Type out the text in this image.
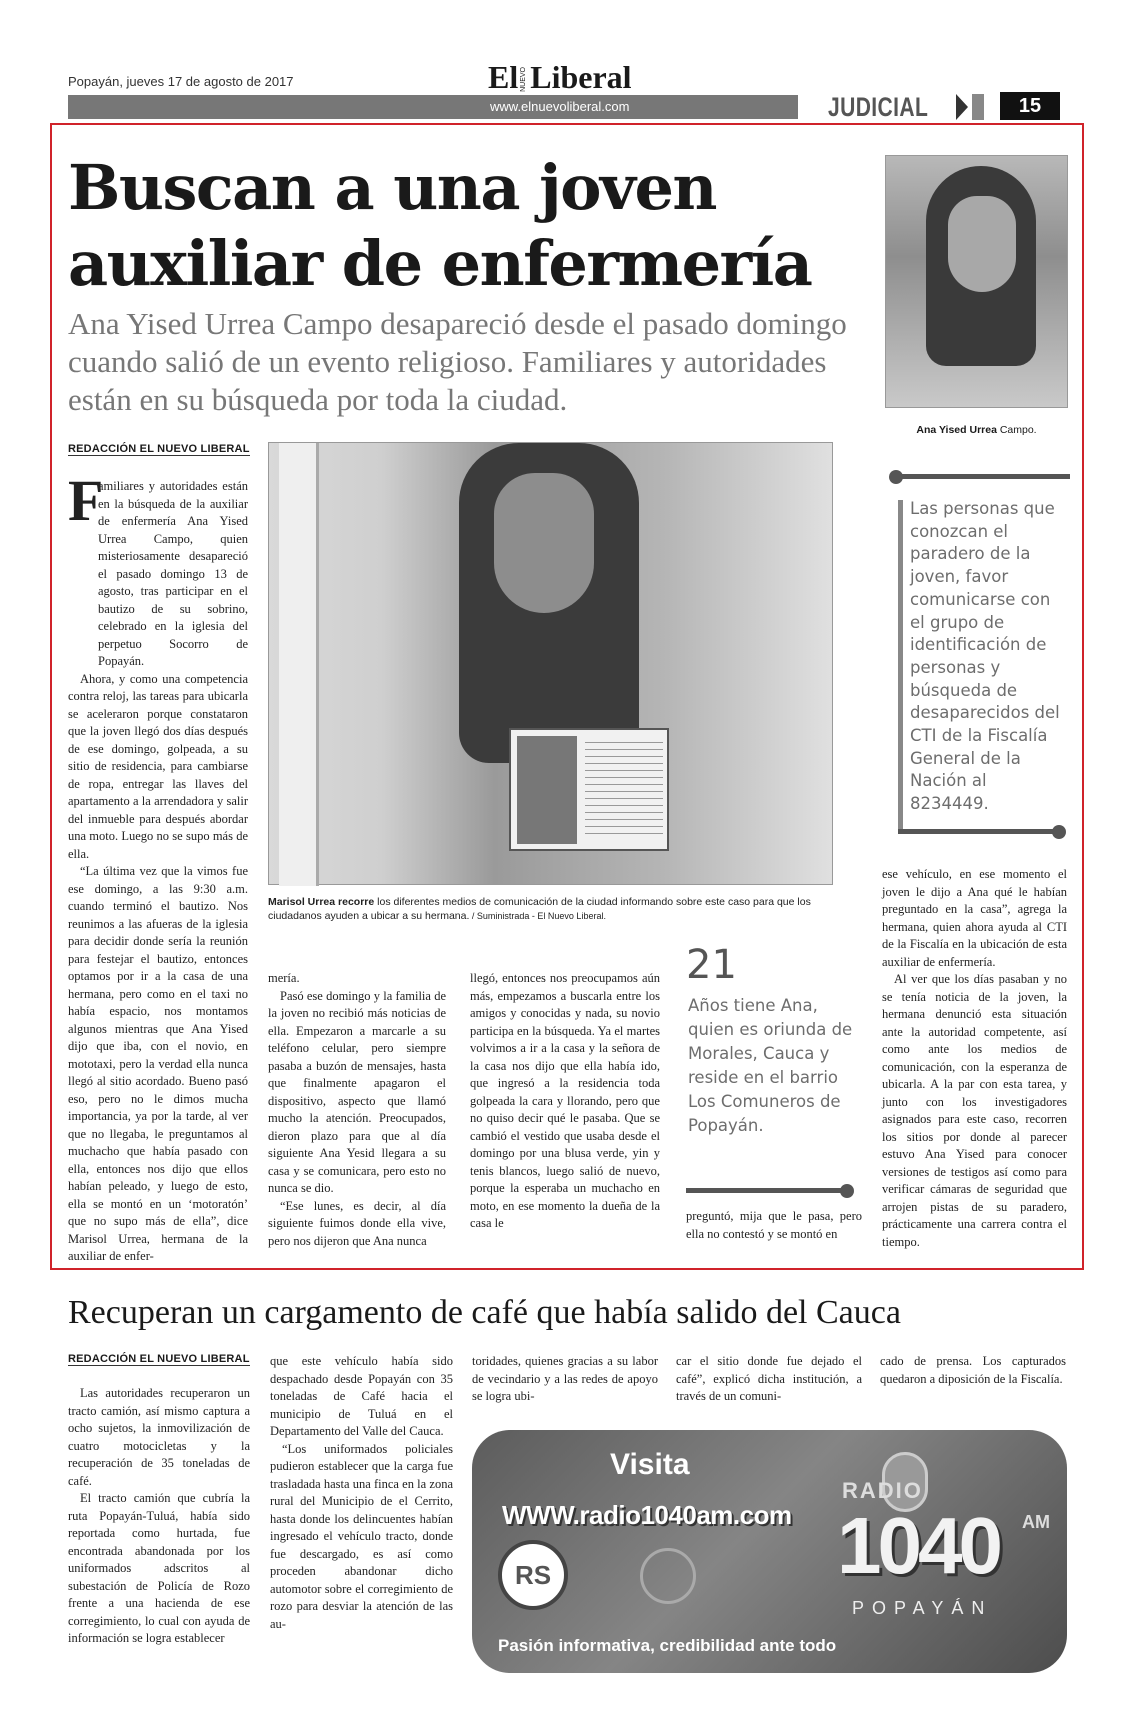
Popayán, jueves 17 de agosto de 2017	El NUEVO Liberal
www.elnuevoliberal.com	JUDICIAL	15
Buscan a una joven auxiliar de enfermería
Ana Yised Urrea Campo desapareció desde el pasado domingo cuando salió de un evento religioso. Familiares y autoridades están en su búsqueda por toda la ciudad.
Ana Yised Urrea Campo.
REDACCIÓN EL NUEVO LIBERAL
Marisol Urrea recorre los diferentes medios de comunicación de la ciudad informando sobre este caso para que los ciudadanos ayuden a ubicar a su hermana. / Suministrada - El Nuevo Liberal.
F

amiliares y autoridades están en la búsqueda de la auxiliar de enfermería Ana Yised Urrea Campo, quien misteriosamente desapareció el pasado domingo 13 de agosto, tras participar en el bautizo de su sobrino, celebrado en la iglesia del perpetuo Socorro de Popayán.

Ahora, y como una competencia contra reloj, las tareas para ubicarla se aceleraron porque constataron que la joven llegó dos días después de ese domingo, golpeada, a su sitio de residencia, para cambiarse de ropa, entregar las llaves del apartamento a la arrendadora y salir del inmueble para después abordar una moto. Luego no se supo más de ella.

“La última vez que la vimos fue ese domingo, a las 9:30 a.m. cuando terminó el bautizo. Nos reunimos a las afueras de la iglesia para decidir donde sería la reunión para festejar el bautizo, entonces optamos por ir a la casa de una hermana, pero como en el taxi no había espacio, nos montamos algunos mientras que Ana Yised dijo que iba, con el novio, en mototaxi, pero la verdad ella nunca llegó al sitio acordado. Bueno pasó eso, pero no le dimos mucha importancia, ya por la tarde, al ver que no llegaba, le preguntamos al muchacho que había pasado con ella, entonces nos dijo que ellos habían peleado, y luego de esto, ella se montó en un ‘motoratón’ que no supo más de ella”, dice Marisol Urrea, hermana de la auxiliar de enfer-

mería.

Pasó ese domingo y la familia de la joven no recibió más noticias de ella. Empezaron a marcarle a su teléfono celular, pero siempre pasaba a buzón de mensajes, hasta que finalmente apagaron el dispositivo, aspecto que llamó mucho la atención. Preocupados, dieron plazo para que al día siguiente Ana Yesid llegara a su casa y se comunicara, pero esto no nunca se dio.

“Ese lunes, es decir, al día siguiente fuimos donde ella vive, pero nos dijeron que Ana nunca

llegó, entonces nos preocupamos aún más, empezamos a buscarla entre los amigos y conocidas y nada, su novio participa en la búsqueda. Ya el martes volvimos a ir a la casa y la señora de la casa nos dijo que ella había ido, que ingresó a la residencia toda golpeada la cara y llorando, pero que no quiso decir qué le pasaba. Que se cambió el vestido que usaba desde el domingo por una blusa verde, yin y tenis blancos, luego salió de nuevo, porque la esperaba un muchacho en moto, en ese momento la dueña de la casa le

21
Años tiene Ana, quien es oriunda de Morales, Cauca y reside en el barrio Los Comuneros de Popayán.

preguntó, mija que le pasa, pero ella no contestó y se montó en

Las personas que conozcan el paradero de la joven, favor comunicarse con el grupo de identificación de personas y búsqueda de desaparecidos del CTI de la Fiscalía General de la Nación al 8234449.

ese vehículo, en ese momento el joven le dijo a Ana qué le habían preguntado en la casa”, agrega la hermana, quien ahora ayuda al CTI de la Fiscalía en la ubicación de esta auxiliar de enfermería.

Al ver que los días pasaban y no se tenía noticia de la joven, la hermana denunció esta situación ante la autoridad competente, así como ante los medios de comunicación, con la esperanza de ubicarla. A la par con esta tarea, y junto con los investigadores asignados para este caso, recorren los sitios por donde al parecer estuvo Ana Yised para conocer versiones de testigos así como para verificar cámaras de seguridad que arrojen pistas de su paradero, prácticamente una carrera contra el tiempo.

Recuperan un cargamento de café que había salido del Cauca
REDACCIÓN EL NUEVO LIBERAL

Las autoridades recuperaron un tracto camión, así mismo captura a ocho sujetos, la inmovilización de cuatro motocicletas y la recuperación de 35 toneladas de café.

El tracto camión que cubría la ruta Popayán-Tuluá, había sido reportada como hurtada, fue encontrada abandonada por los uniformados adscritos al subestación de Policía de Rozo frente a una hacienda de ese corregimiento, lo cual con ayuda de información se logra establecer

que este vehículo había sido despachado desde Popayán con 35 toneladas de Café hacia el municipio de Tuluá en el Departamento del Valle del Cauca.

“Los uniformados policiales pudieron establecer que la carga fue trasladada hasta una finca en la zona rural del Municipio de el Cerrito, hasta donde los delincuentes habían ingresado el vehículo tracto, donde fue descargado, es así como proceden abandonar dicho automotor sobre el corregimiento de rozo para desviar la atención de las au-

toridades, quienes gracias a su labor de vecindario y a las redes de apoyo se logra ubi-

car el sitio donde fue dejado el café”, explicó dicha institución, a través de un comuni-

cado de prensa. Los capturados quedaron a diposición de la Fiscalía.

Visita
WWW.radio1040am.com
RADIO
AM
1040
POPAYÁN
RS
Pasión informativa, credibilidad ante todo
